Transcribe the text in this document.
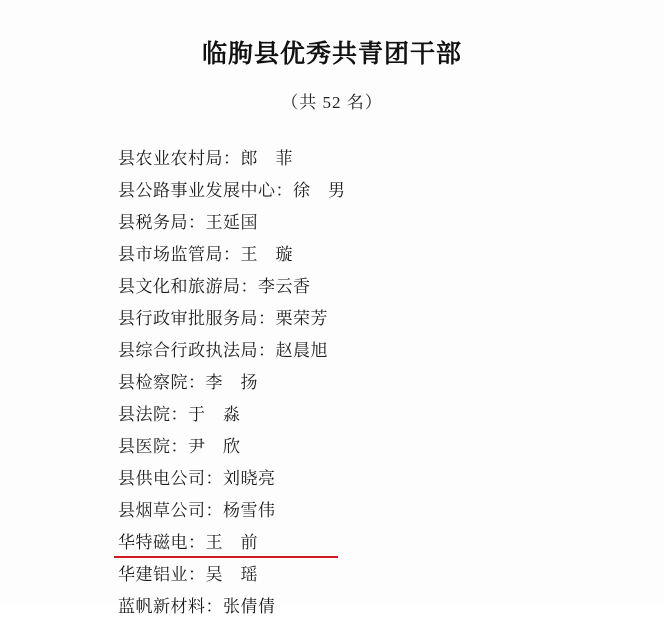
临朐县优秀共青团干部

（共 52 名）

县农业农村局：郎　菲
县公路事业发展中心：徐　男
县税务局：王延国
县市场监管局：王　璇
县文化和旅游局：李云香
县行政审批服务局：栗荣芳
县综合行政执法局：赵晨旭
县检察院：李　扬
县法院：于　淼
县医院：尹　欣
县供电公司：刘晓亮
县烟草公司：杨雪伟
华特磁电：王　前
华建铝业：吴　瑶
蓝帆新材料：张倩倩
